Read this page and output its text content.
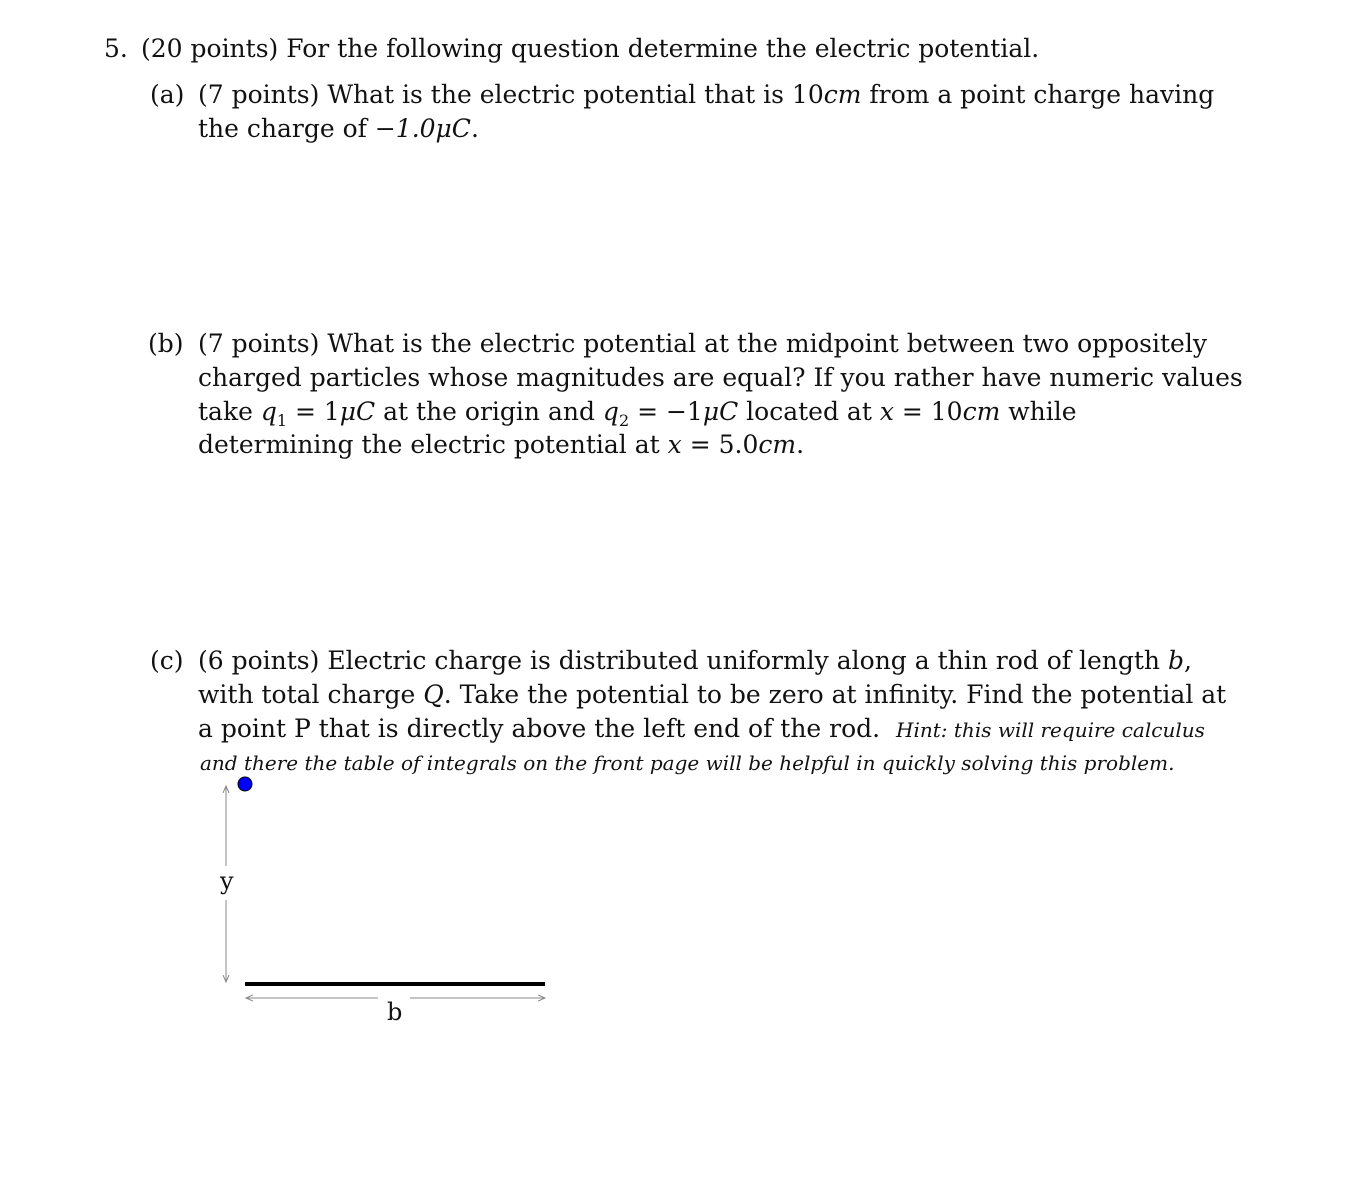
5. (20 points) For the following question determine the electric potential.
(a) (7 points) What is the electric potential that is 10cm from a point charge having
the charge of −1.0μC.
(b) (7 points) What is the electric potential at the midpoint between two oppositely
charged particles whose magnitudes are equal? If you rather have numeric values
take $q_1 = 1\mu C$ at the origin and $q_2 = -1\mu C$ located at x = 10cm while
determining the electric potential at x = 5.0cm.
(c) (6 points) Electric charge is distributed uniformly along a thin rod of length b,
with total charge Q. Take the potential to be zero at infinity. Find the potential at
a point P that is directly above the left end of the rod. Hint: this will require calculus
and there the table of integrals on the front page will be helpful in quickly solving this problem.
y
b
